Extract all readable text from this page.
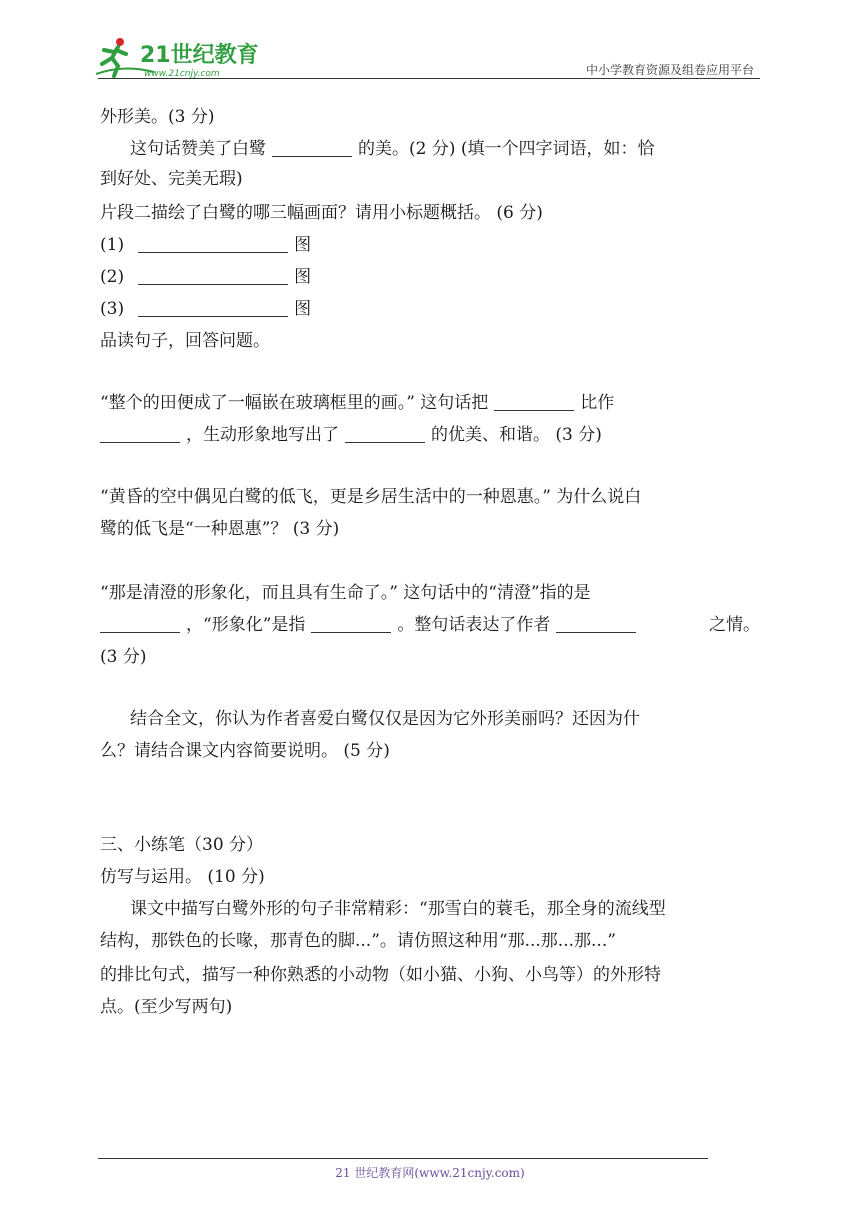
21世纪教育
www.21cnjy.com	中小学教育资源及组卷应用平台
外形美。(3 分)
这句话赞美了白鹭	的美。(2 分) (填一个四字词语，如：恰
到好处、完美无瑕)
片段二描绘了白鹭的哪三幅画面？请用小标题概括。 (6 分)
(1)	图
(2)	图
(3)	图
品读句子，回答问题。
“整个的田便成了一幅嵌在玻璃框里的画。” 这句话把	比作
，生动形象地写出了	的优美、和谐。 (3 分)
“黄昏的空中偶见白鹭的低飞，更是乡居生活中的一种恩惠。” 为什么说白
鹭的低飞是“一种恩惠”？ (3 分)
“那是清澄的形象化，而且具有生命了。” 这句话中的“清澄”指的是
，“形象化”是指	。整句话表达了作者	之情。
(3 分)
结合全文，你认为作者喜爱白鹭仅仅是因为它外形美丽吗？还因为什
么？请结合课文内容简要说明。 (5 分)
三、小练笔（30 分）
仿写与运用。 (10 分)
课文中描写白鹭外形的句子非常精彩：“那雪白的蓑毛，那全身的流线型
结构，那铁色的长喙，那青色的脚...”。请仿照这种用“那...那...那...”
的排比句式，描写一种你熟悉的小动物（如小猫、小狗、小鸟等）的外形特
点。(至少写两句)
21 世纪教育网(www.21cnjy.com)
